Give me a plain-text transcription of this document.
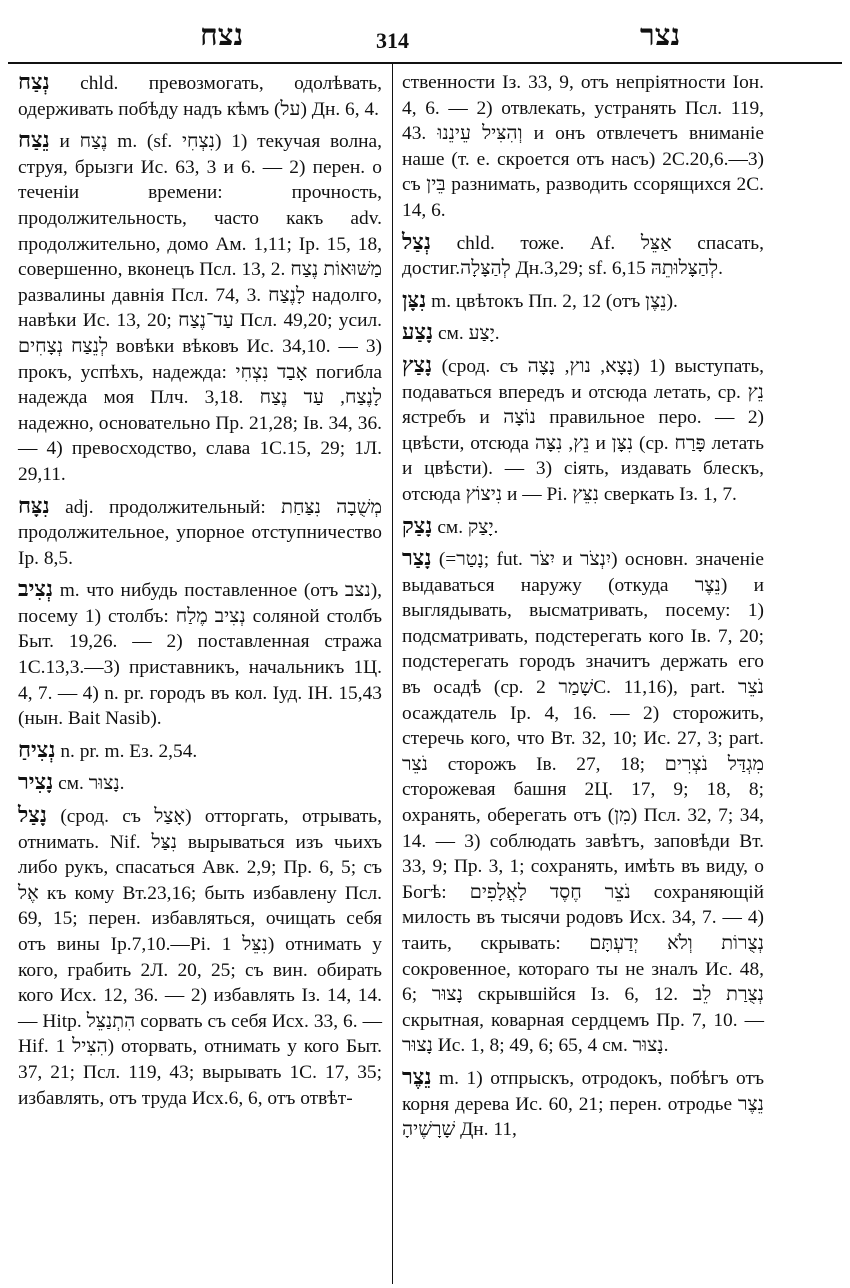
נצח	314	נצר

נְצַח chld. превозмогать, одолѣвать, одерживать побѣду надъ кѣмъ (על) Дн. 6, 4.

נֵצַח и נֶצַח m. (sf. נִצְחִי) 1) текучая волна, струя, брызги Ис. 63, 3 и 6. — 2) перен. о теченіи времени: прочность, продолжительность, часто какъ adv. продолжительно, домо Ам. 1,11; Ір. 15, 18, совершенно, вконецъ Псл. 13, 2. מַשּׁוּאוֹת נֶצַח развалины давнія Псл. 74, 3. לָנֶצַח надолго, навѣки Ис. 13, 20; עַד־נֶצַח Псл. 49,20; усил. לְנֵצַח נְצָחִים вовѣки вѣковъ Ис. 34,10. — 3) прокъ, успѣхъ, надежда: אָבַד נִצְחִי погибла надежда моя Плч. 3,18. לָנֶצַח, עַד נֶצַח надежно, основательно Пр. 21,28; Ів. 34, 36. — 4) превосходство, слава 1С.15, 29; 1Л. 29,11.

נִצָּח adj. продолжительный: מְשֻׁבָה נִצַּחַת продолжительное, упорное отступничество Ір. 8,5.

נְצִיב m. что нибудь поставленное (отъ נצב), посему 1) столбъ: נְצִיב מֶלַח соляной столбъ Быт. 19,26. — 2) поставленная стража 1С.13,3.—3) приставникъ, начальникъ 1Ц. 4, 7. — 4) n. pr. городъ въ кол. Іуд. ІН. 15,43 (нын. Bait Nasib).

נְצִיחַ n. pr. m. Ез. 2,54.

נָצִיר см. נָצוּר.

נָצַל (срод. съ אָצַל) отторгать, отрывать, отнимать. Nif. נִצַּל вырываться изъ чьихъ либо рукъ, спасаться Авк. 2,9; Пр. 6, 5; съ אֶל къ кому Вт.23,16; быть избавлену Псл. 69, 15; перен. избавляться, очищать себя отъ вины Ір.7,10.—Pi. נִצֵּל 1) отнимать у кого, грабить 2Л. 20, 25; съ вин. обирать кого Исх. 12, 36. — 2) избавлять Із. 14, 14. — Hitp. הִתְנַצֵּל сорвать съ себя Исх. 33, 6. — Hif. הִצִּיל 1) оторвать, отнимать у кого Быт. 37, 21; Псл. 119, 43; вырывать 1С. 17, 35; избавлять, отъ труда Исх.6, 6, отъ отвѣт-

ственности Із. 33, 9, отъ непріятности Іон. 4, 6. — 2) отвлекать, устранять Псл. 119, 43. וְהִצִּיל עֵינֵנוּ и онъ отвлечетъ вниманіе наше (т. е. скроется отъ насъ) 2С.20,6.—3) съ בֵּין разнимать, разводить ссорящихся 2С. 14, 6.

נְצַל chld. тоже. Af. אַצֵּל спасать, достиг.לְהַצָּלָה Дн.3,29; sf. לְהַצָּלוּתֵהּ 6,15.

נִצָּן m. цвѣтокъ Пп. 2, 12 (отъ נֵצֶן).

נָצַע см. יָצַע.

נָצַץ (срод. съ נָצָא, נוץ, נָצָה) 1) выступать, подаваться впередъ и отсюда летать, ср. נֵץ ястребъ и נוֹצָה правильное перо. — 2) цвѣсти, отсюда נֵץ, נִצָּה и נִצָּן (ср. פָּרַח летать и цвѣсти). — 3) сіять, издавать блескъ, отсюда נִיצוֹץ и — Pi. נִצֵּץ сверкать Із. 1, 7.

נָצַק см. יָצַק.

נָצַר (=נָטַר; fut. יִצֹּר и יִנְצֹר) основн. значеніе выдаваться наружу (откуда נֵצֶר) и выглядывать, высматривать, посему: 1) подсматривать, подстерегать кого Ів. 7, 20; подстерегать городъ значитъ держать его въ осадѣ (ср. שָׁמַר 2С. 11,16), part. נֹצֵר осаждатель Ір. 4, 16. — 2) сторожить, стеречь кого, что Вт. 32, 10; Ис. 27, 3; part. נֹצֵר сторожъ Ів. 27, 18; מִגְדַּל נֹצְרִים сторожевая башня 2Ц. 17, 9; 18, 8; охранять, оберегать отъ (מִן) Псл. 32, 7; 34, 14. — 3) соблюдать завѣтъ, заповѣди Вт. 33, 9; Пр. 3, 1; сохранять, имѣть въ виду, о Богѣ: נֹצֵר חֶסֶד לָאֲלָפִים сохраняющій милость въ тысячи родовъ Исх. 34, 7. — 4) таить, скрывать: נְצֻרוֹת וְלֹא יְדַעְתָּם сокровенное, котораго ты не зналъ Ис. 48, 6; נָצוּר скрывшійся Із. 6, 12. נְצֻרַת לֵב скрытная, коварная сердцемъ Пр. 7, 10. — נָצוּר Ис. 1, 8; 49, 6; 65, 4 см. נָצוּר.

נֵצֶר m. 1) отпрыскъ, отродокъ, побѣгъ отъ корня дерева Ис. 60, 21; перен. отродье נֵצֶר שָׁרָשֶׁיהָ Дн. 11,
